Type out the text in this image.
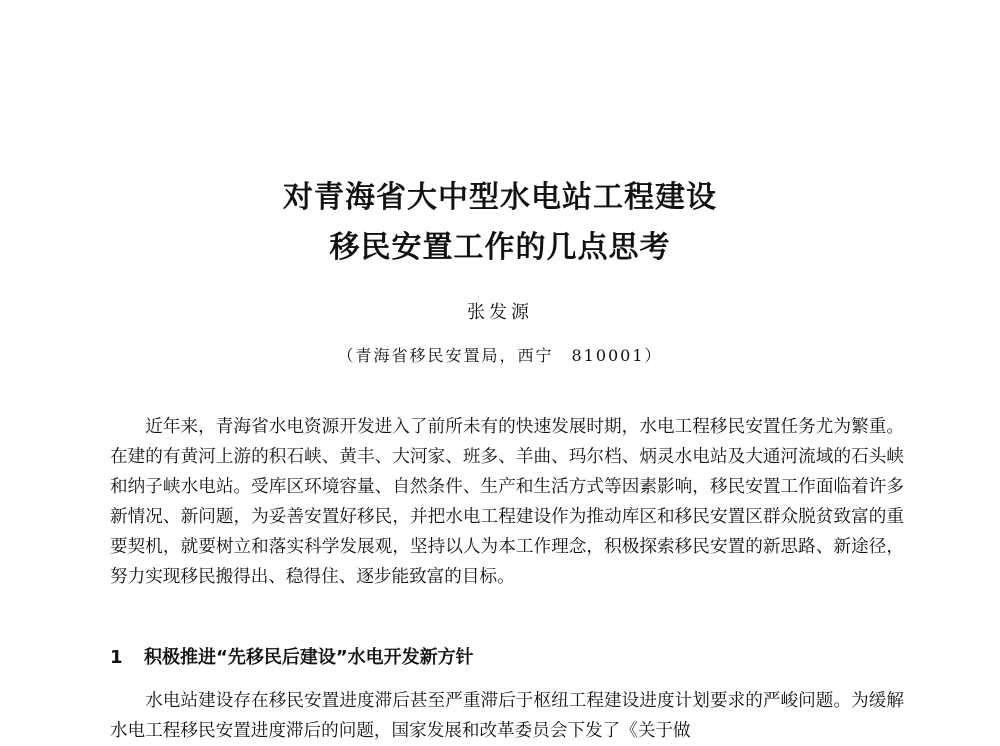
对青海省大中型水电站工程建设
移民安置工作的几点思考
张发源
（青海省移民安置局，西宁　810001）

近年来，青海省水电资源开发进入了前所未有的快速发展时期，水电工程移民安置任务尤为繁重。在建的有黄河上游的积石峡、黄丰、大河家、班多、羊曲、玛尔档、炳灵水电站及大通河流域的石头峡和纳子峡水电站。受库区环境容量、自然条件、生产和生活方式等因素影响，移民安置工作面临着许多新情况、新问题，为妥善安置好移民，并把水电工程建设作为推动库区和移民安置区群众脱贫致富的重要契机，就要树立和落实科学发展观，坚持以人为本工作理念，积极探索移民安置的新思路、新途径，努力实现移民搬得出、稳得住、逐步能致富的目标。

1 积极推进“先移民后建设”水电开发新方针

水电站建设存在移民安置进度滞后甚至严重滞后于枢纽工程建设进度计划要求的严峻问题。为缓解水电工程移民安置进度滞后的问题，国家发展和改革委员会下发了《关于做
